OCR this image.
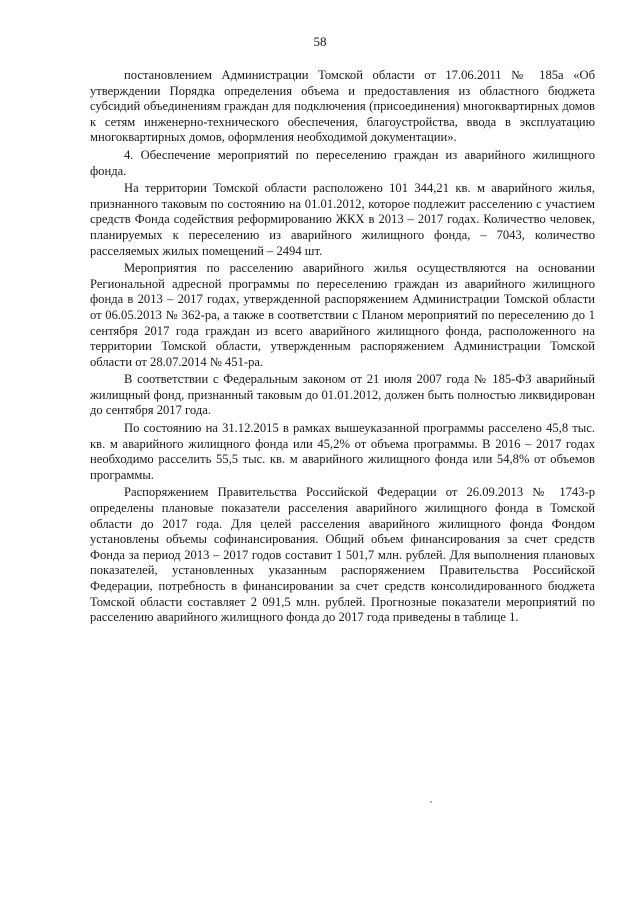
58

постановлением Администрации Томской области от 17.06.2011 № 185а «Об утверждении Порядка определения объема и предоставления из областного бюджета субсидий объединениям граждан для подключения (присоединения) многоквартирных домов к сетям инженерно-технического обеспечения, благоустройства, ввода в эксплуатацию многоквартирных домов, оформления необходимой документации».

4. Обеспечение мероприятий по переселению граждан из аварийного жилищного фонда.

На территории Томской области расположено 101 344,21 кв. м аварийного жилья, признанного таковым по состоянию на 01.01.2012, которое подлежит расселению с участием средств Фонда содействия реформированию ЖКХ в 2013 – 2017 годах. Количество человек, планируемых к переселению из аварийного жилищного фонда, – 7043, количество расселяемых жилых помещений – 2494 шт.

Мероприятия по расселению аварийного жилья осуществляются на основании Региональной адресной программы по переселению граждан из аварийного жилищного фонда в 2013 – 2017 годах, утвержденной распоряжением Администрации Томской области от 06.05.2013 № 362-ра, а также в соответствии с Планом мероприятий по переселению до 1 сентября 2017 года граждан из всего аварийного жилищного фонда, расположенного на территории Томской области, утвержденным распоряжением Администрации Томской области от 28.07.2014 № 451-ра.

В соответствии с Федеральным законом от 21 июля 2007 года № 185-ФЗ аварийный жилищный фонд, признанный таковым до 01.01.2012, должен быть полностью ликвидирован до сентября 2017 года.

По состоянию на 31.12.2015 в рамках вышеуказанной программы расселено 45,8 тыс. кв. м аварийного жилищного фонда или 45,2% от объема программы. В 2016 – 2017 годах необходимо расселить 55,5 тыс. кв. м аварийного жилищного фонда или 54,8% от объемов программы.

Распоряжением Правительства Российской Федерации от 26.09.2013 № 1743-р определены плановые показатели расселения аварийного жилищного фонда в Томской области до 2017 года. Для целей расселения аварийного жилищного фонда Фондом установлены объемы софинансирования. Общий объем финансирования за счет средств Фонда за период 2013 – 2017 годов составит 1 501,7 млн. рублей. Для выполнения плановых показателей, установленных указанным распоряжением Правительства Российской Федерации, потребность в финансировании за счет средств консолидированного бюджета Томской области составляет 2 091,5 млн. рублей. Прогнозные показатели мероприятий по расселению аварийного жилищного фонда до 2017 года приведены в таблице 1.
